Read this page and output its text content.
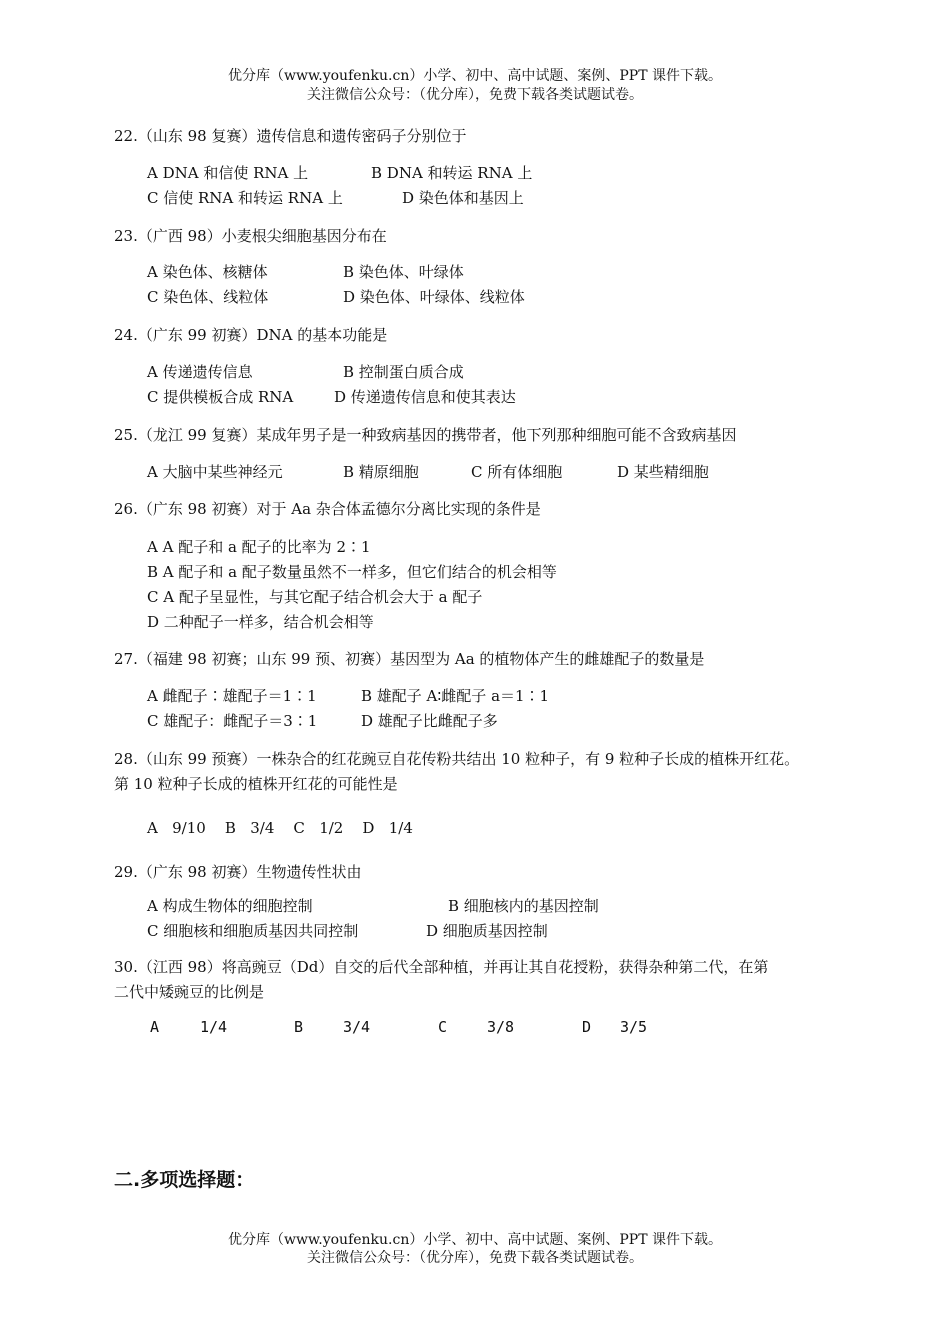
优分库（www.youfenku.cn）小学、初中、高中试题、案例、PPT 课件下载。
关注微信公众号：（优分库），免费下载各类试题试卷。
22.（山东 98 复赛）遗传信息和遗传密码子分别位于
A DNA 和信使 RNA 上	B DNA 和转运 RNA 上
C 信使 RNA 和转运 RNA 上	D 染色体和基因上
23.（广西 98）小麦根尖细胞基因分布在
A 染色体、核糖体	B 染色体、叶绿体
C 染色体、线粒体	D 染色体、叶绿体、线粒体
24.（广东 99 初赛）DNA 的基本功能是
A 传递遗传信息	B 控制蛋白质合成
C 提供模板合成 RNA	D 传递遗传信息和使其表达
25.（龙江 99 复赛）某成年男子是一种致病基因的携带者，他下列那种细胞可能不含致病基因
A 大脑中某些神经元	B 精原细胞	C 所有体细胞	D 某些精细胞
26.（广东 98 初赛）对于 Aa 杂合体孟德尔分离比实现的条件是
A A 配子和 a 配子的比率为 2∶1
B A 配子和 a 配子数量虽然不一样多，但它们结合的机会相等
C A 配子呈显性，与其它配子结合机会大于 a 配子
D 二种配子一样多，结合机会相等
27.（福建 98 初赛；山东 99 预、初赛）基因型为 Aa 的植物体产生的雌雄配子的数量是
A 雌配子∶雄配子＝1∶1	B 雄配子 A∶雌配子 a＝1∶1
C 雄配子：雌配子＝3∶1	D 雄配子比雌配子多
28.（山东 99 预赛）一株杂合的红花豌豆自花传粉共结出 10 粒种子，有 9 粒种子长成的植株开红花。
第 10 粒种子长成的植株开红花的可能性是
A   9/10    B   3/4    C   1/2    D   1/4
29.（广东 98 初赛）生物遗传性状由
A 构成生物体的细胞控制	B 细胞核内的基因控制
C 细胞核和细胞质基因共同控制	D 细胞质基因控制
30.（江西 98）将高豌豆（Dd）自交的后代全部种植，并再让其自花授粉，获得杂种第二代，在第
二代中矮豌豆的比例是
A	1/4	B	3/4	C	3/8	D 3/5
二.多项选择题：
优分库（www.youfenku.cn）小学、初中、高中试题、案例、PPT 课件下载。
关注微信公众号：（优分库），免费下载各类试题试卷。
